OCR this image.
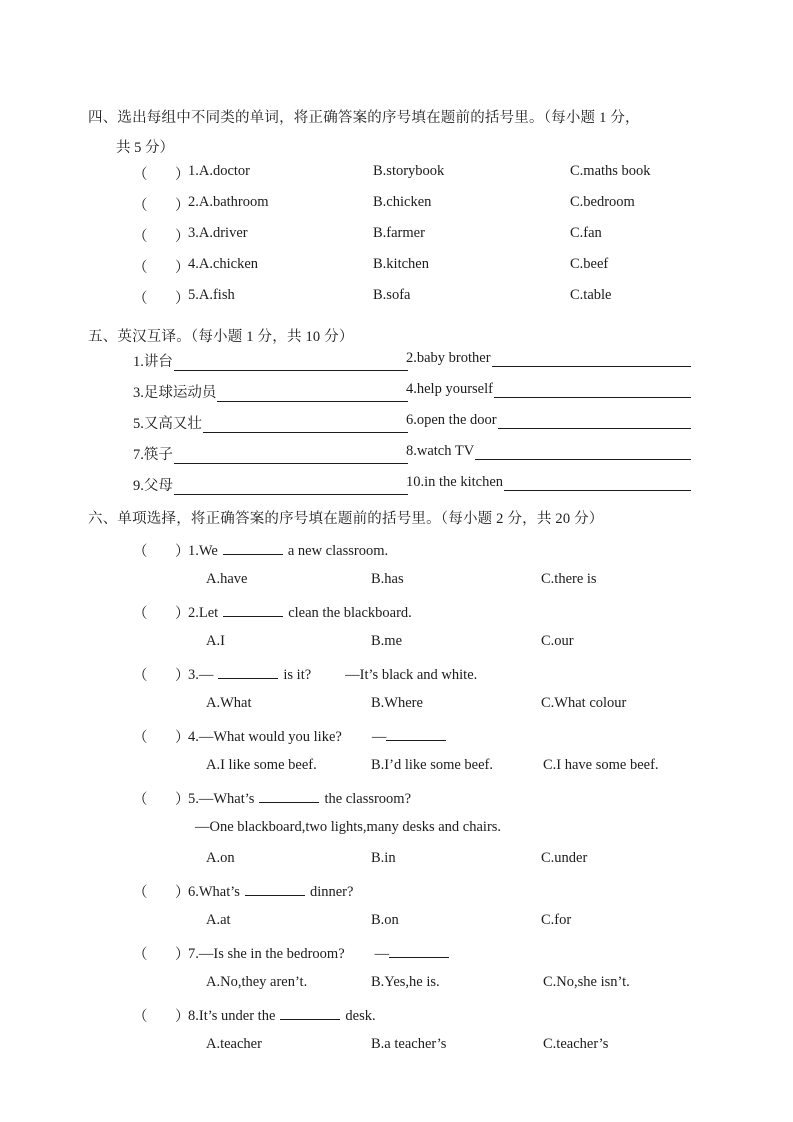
四、选出每组中不同类的单词，将正确答案的序号填在题前的括号里。（每小题 1 分，
共 5 分）
（ ）
1.A.doctor	B.storybook	C.maths book
（ ）
2.A.bathroom	B.chicken	C.bedroom
（ ）
3.A.driver	B.farmer	C.fan
（ ）
4.A.chicken	B.kitchen	C.beef
（ ）
5.A.fish	B.sofa	C.table
五、英汉互译。（每小题 1 分，共 10 分）
1.讲台	2.baby brother
3.足球运动员	4.help yourself
5.又高又壮	6.open the door
7.筷子	8.watch TV
9.父母	10.in the kitchen
六、单项选择，将正确答案的序号填在题前的括号里。（每小题 2 分，共 20 分）
（ ）
1.We	a new classroom.
A.have	B.has	C.there is
（ ）
2.Let	clean the blackboard.
A.I	B.me	C.our
（ ）
3.—	is it? —It’s black and white.
A.What	B.Where	C.What colour
（ ）
4.—What would you like? —
A.I like some beef.	B.I’d like some beef.	C.I have some beef.
（ ）
5.—What’s	the classroom?
—One blackboard,two lights,many desks and chairs.
A.on	B.in	C.under
（ ）
6.What’s	dinner?
A.at	B.on	C.for
（ ）
7.—Is she in the bedroom? —
A.No,they aren’t.	B.Yes,he is.	C.No,she isn’t.
（ ）
8.It’s under the	desk.
A.teacher	B.a teacher’s	C.teacher’s
